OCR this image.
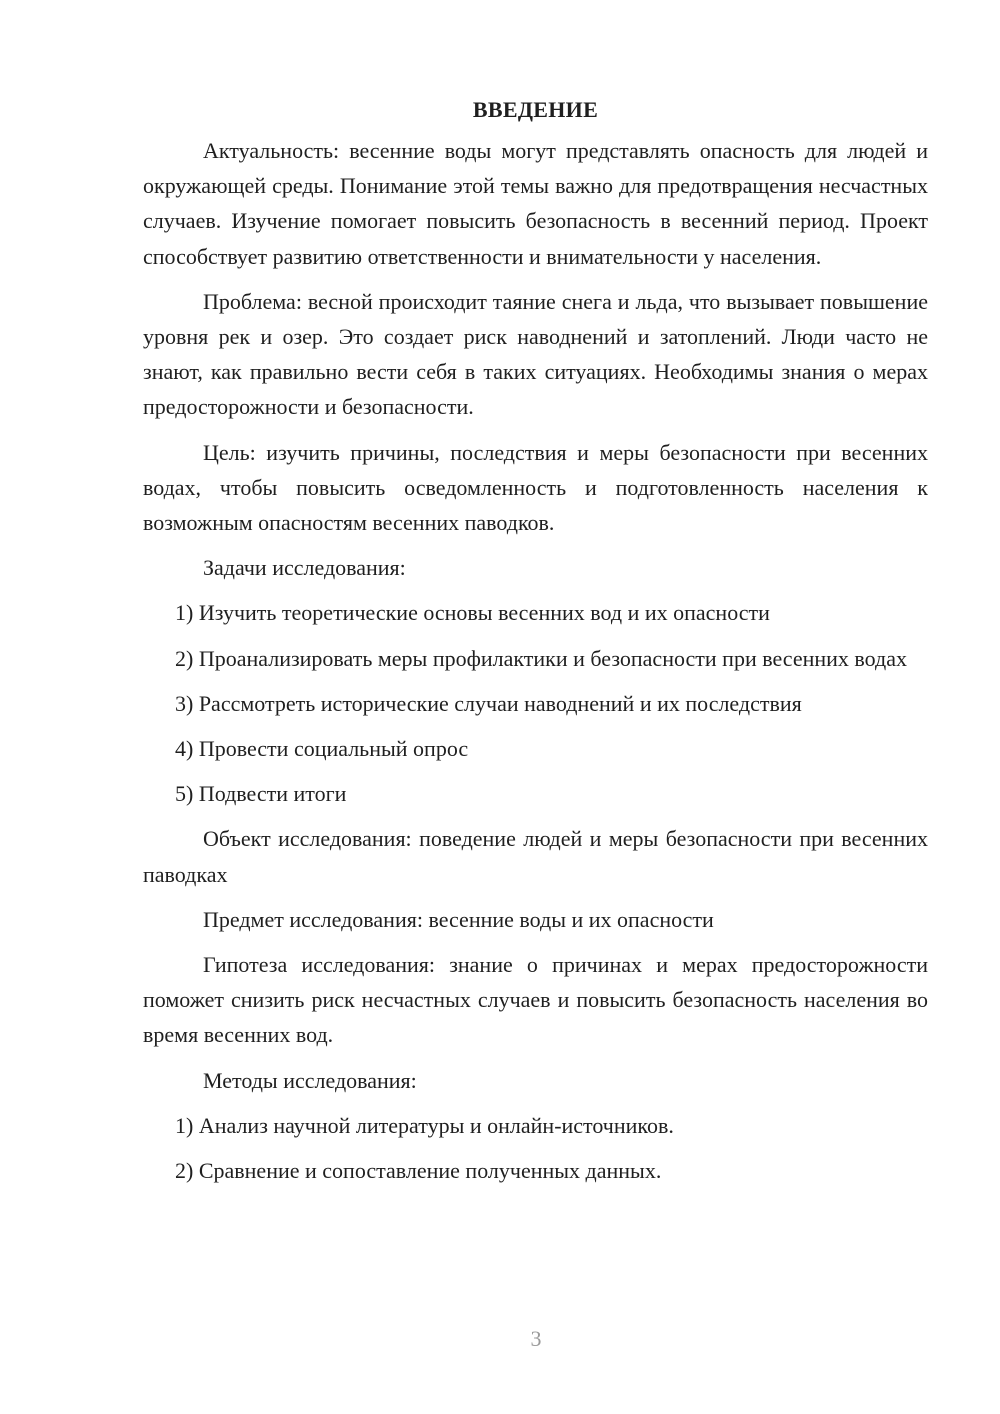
ВВЕДЕНИЕ

Актуальность: весенние воды могут представлять опасность для людей и окружающей среды. Понимание этой темы важно для предотвращения несчастных случаев. Изучение помогает повысить безопасность в весенний период. Проект способствует развитию ответственности и внимательности у населения.

Проблема: весной происходит таяние снега и льда, что вызывает повышение уровня рек и озер. Это создает риск наводнений и затоплений. Люди часто не знают, как правильно вести себя в таких ситуациях. Необходимы знания о мерах предосторожности и безопасности.

Цель: изучить причины, последствия и меры безопасности при весенних водах, чтобы повысить осведомленность и подготовленность населения к возможным опасностям весенних паводков.

Задачи исследования:

1) Изучить теоретические основы весенних вод и их опасности

2) Проанализировать меры профилактики и безопасности при весенних водах

3) Рассмотреть исторические случаи наводнений и их последствия

4) Провести социальный опрос

5) Подвести итоги

Объект исследования: поведение людей и меры безопасности при весенних паводках

Предмет исследования: весенние воды и их опасности

Гипотеза исследования: знание о причинах и мерах предосторожности поможет снизить риск несчастных случаев и повысить безопасность населения во время весенних вод.

Методы исследования:

1) Анализ научной литературы и онлайн-источников.

2) Сравнение и сопоставление полученных данных.

3
